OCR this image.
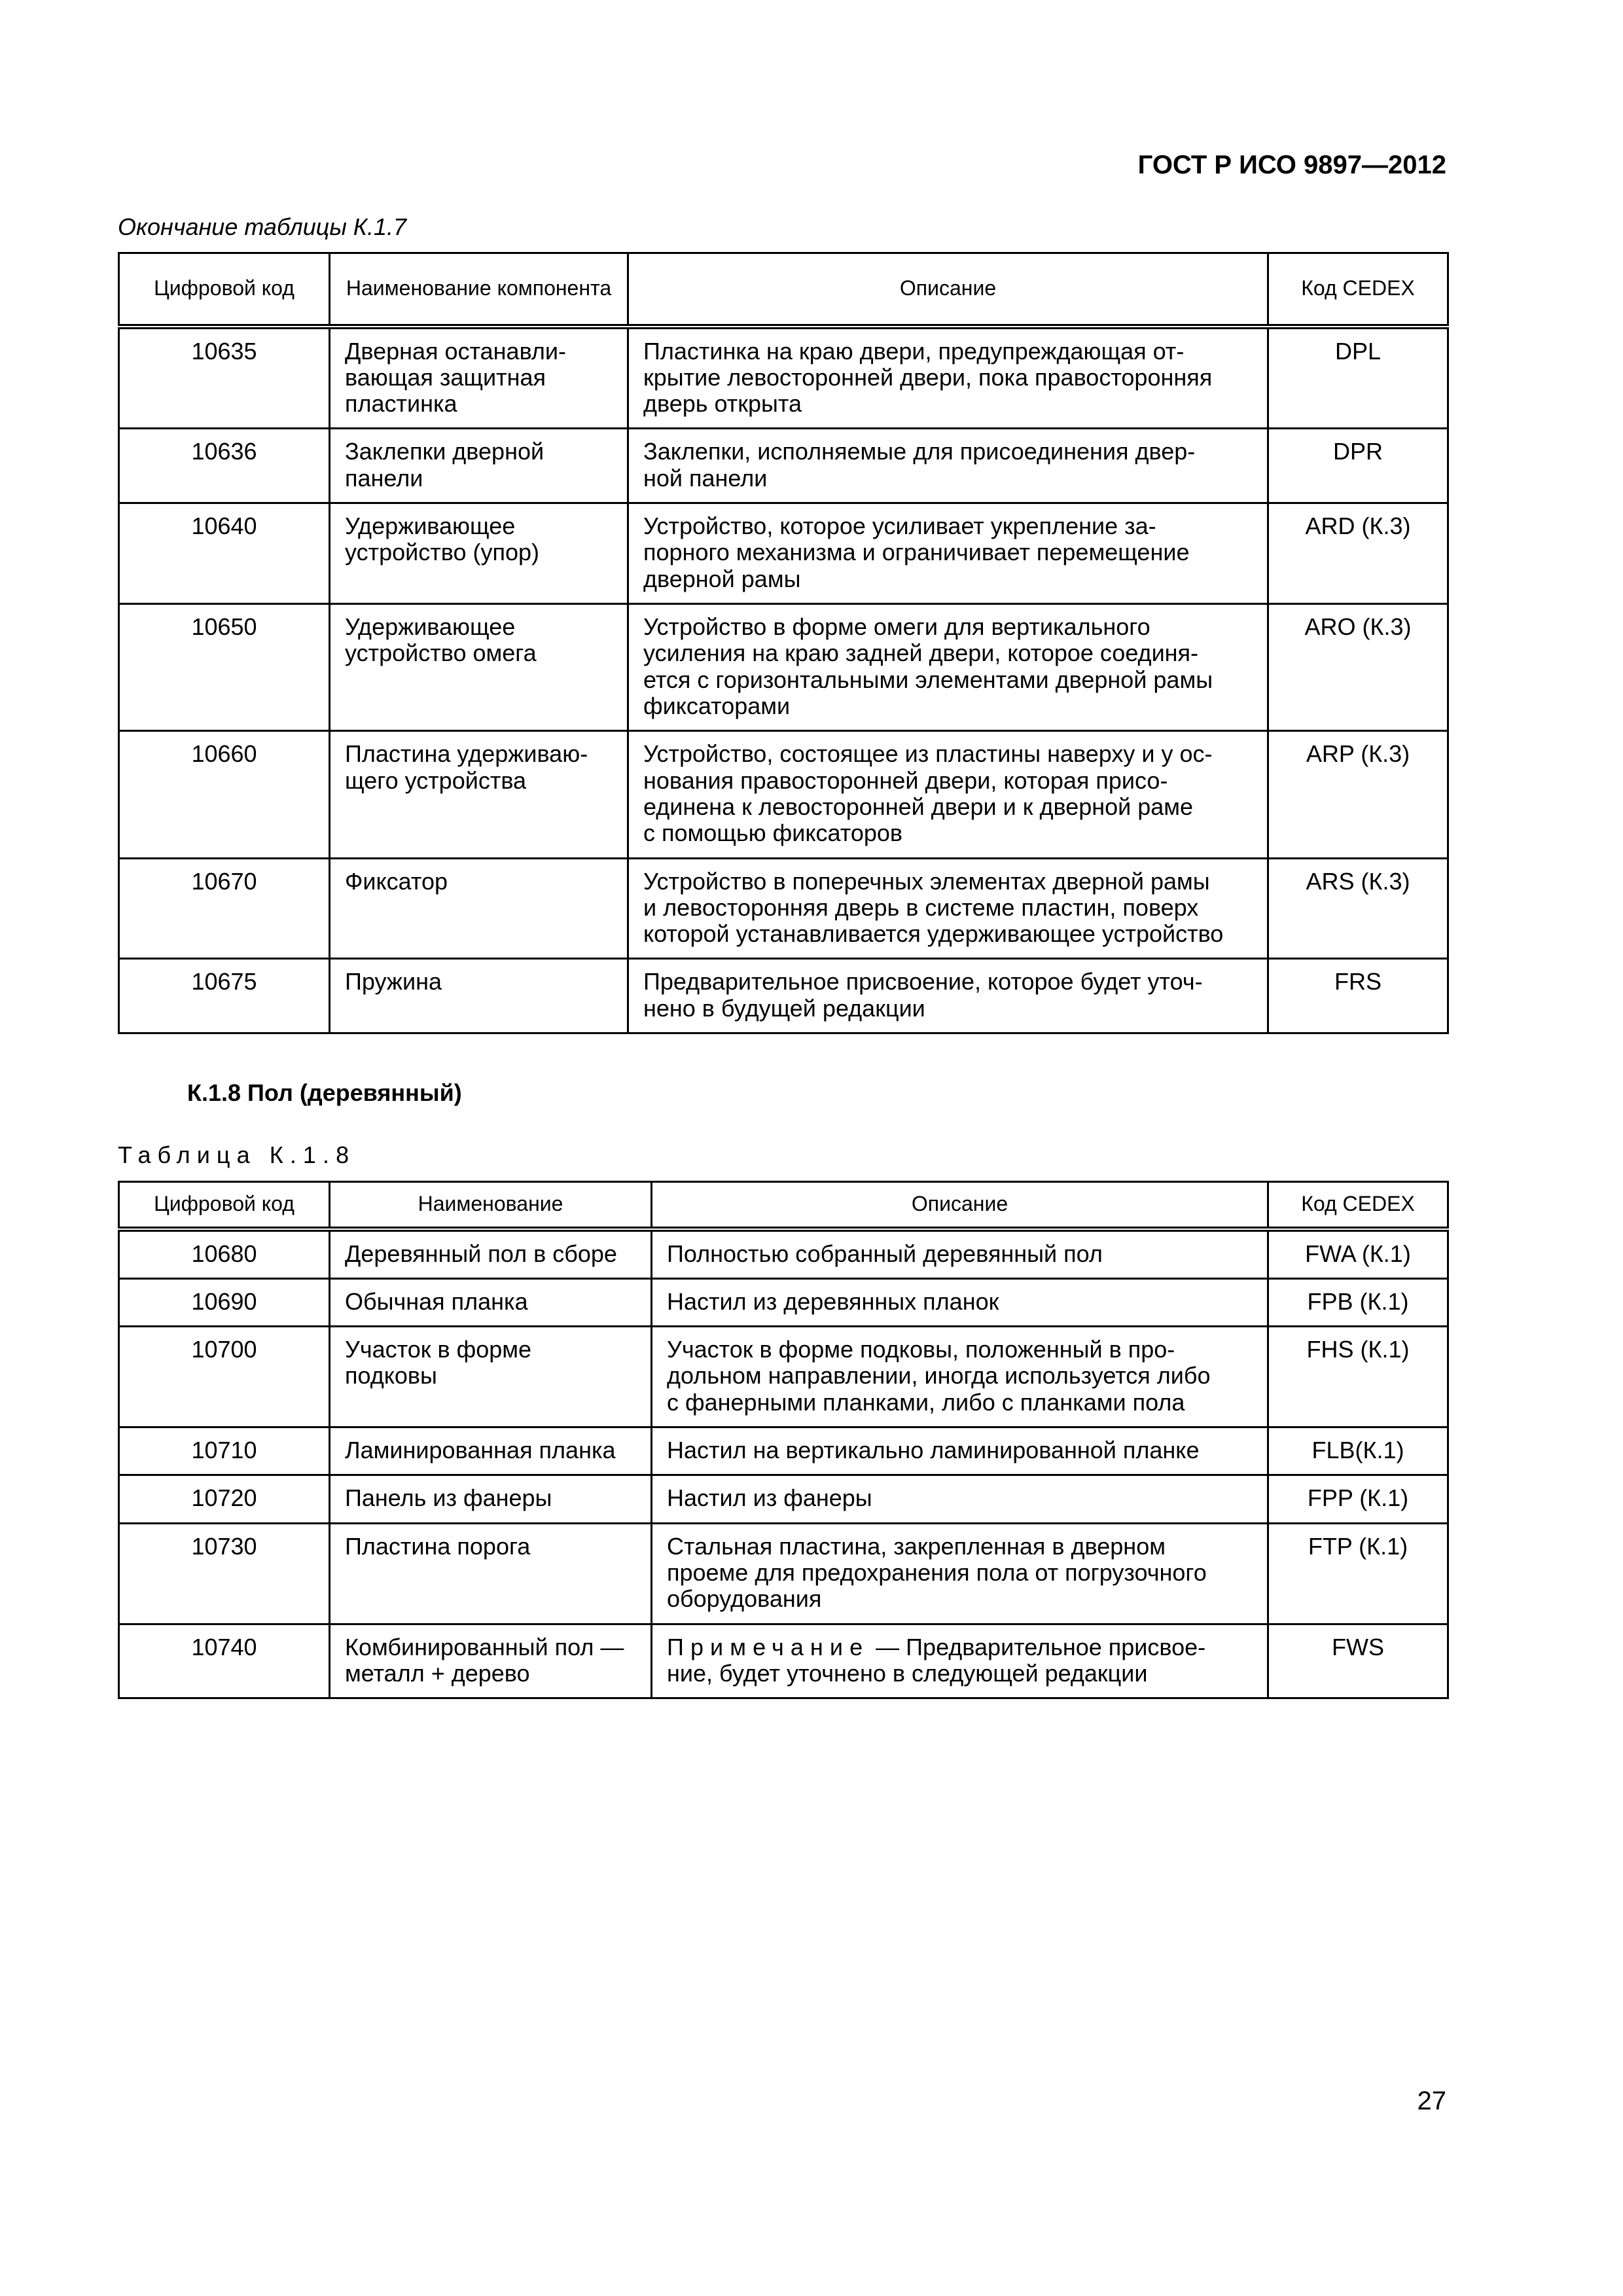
ГОСТ Р ИСО 9897—2012
Окончание таблицы К.1.7
Цифровой код	Наименование компонента	Описание	Код CEDEX
10635	Дверная останавли-
вающая защитная
пластинка	Пластинка на краю двери, предупреждающая от-
крытие левосторонней двери, пока правосторонняя
дверь открыта	DPL
10636	Заклепки дверной
панели	Заклепки, исполняемые для присоединения двер-
ной панели	DPR
10640	Удерживающее
устройство (упор)	Устройство, которое усиливает укрепление за-
порного механизма и ограничивает перемещение
дверной рамы	ARD (К.3)
10650	Удерживающее
устройство омега	Устройство в форме омеги для вертикального
усиления на краю задней двери, которое соединя-
ется с горизонтальными элементами дверной рамы
фиксаторами	ARO (К.3)
10660	Пластина удерживаю-
щего устройства	Устройство, состоящее из пластины наверху и у ос-
нования правосторонней двери, которая присо-
единена к левосторонней двери и к дверной раме
с помощью фиксаторов	ARP (К.3)
10670	Фиксатор	Устройство в поперечных элементах дверной рамы
и левосторонняя дверь в системе пластин, поверх
которой устанавливается удерживающее устройство	ARS (К.3)
10675	Пружина	Предварительное присвоение, которое будет уточ-
нено в будущей редакции	FRS
К.1.8 Пол (деревянный)
Таблица К.1.8
Цифровой код	Наименование	Описание	Код CEDEX
10680	Деревянный пол в сборе	Полностью собранный деревянный пол	FWA (К.1)
10690	Обычная планка	Настил из деревянных планок	FPB (К.1)
10700	Участок в форме
подковы	Участок в форме подковы, положенный в про-
дольном направлении, иногда используется либо
с фанерными планками, либо с планками пола	FHS (К.1)
10710	Ламинированная планка	Настил на вертикально ламинированной планке	FLB(К.1)
10720	Панель из фанеры	Настил из фанеры	FPP (К.1)
10730	Пластина порога	Стальная пластина, закрепленная в дверном
проеме для предохранения пола от погрузочного
оборудования	FTP (К.1)
10740	Комбинированный пол —
металл + дерево	Примечание — Предварительное присвое-
ние, будет уточнено в следующей редакции	FWS
27
